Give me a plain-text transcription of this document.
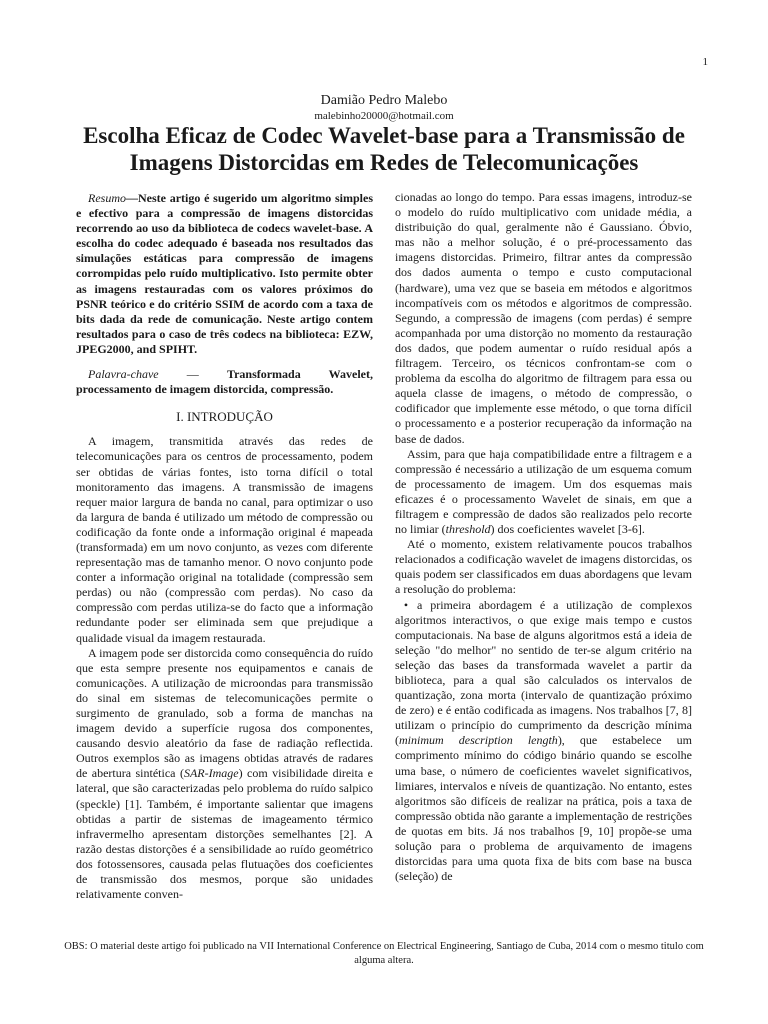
1
Damião Pedro Malebo
malebinho20000@hotmail.com
Escolha Eficaz de Codec Wavelet-base para a Transmissão de
Imagens Distorcidas em Redes de Telecomunicações

Resumo—Neste artigo é sugerido um algoritmo simples e efectivo para a compressão de imagens distorcidas recorrendo ao uso da biblioteca de codecs wavelet-base. A escolha do codec adequado é baseada nos resultados das simulações estáticas para compressão de imagens corrompidas pelo ruído multiplicativo. Isto permite obter as imagens restauradas com os valores próximos do PSNR teórico e do critério SSIM de acordo com a taxa de bits dada da rede de comunicação. Neste artigo contem resultados para o caso de três codecs na biblioteca: EZW, JPEG2000, and SPIHT.

Palavra-chave — Transformada Wavelet, processamento de imagem distorcida, compressão.

I. INTRODUÇÃO

A imagem, transmitida através das redes de telecomunicações para os centros de processamento, podem ser obtidas de várias fontes, isto torna difícil o total monitoramento das imagens. A transmissão de imagens requer maior largura de banda no canal, para optimizar o uso da largura de banda é utilizado um método de compressão ou codificação da fonte onde a informação original é mapeada (transformada) em um novo conjunto, as vezes com diferente representação mas de tamanho menor. O novo conjunto pode conter a informação original na totalidade (compressão sem perdas) ou não (compressão com perdas). No caso da compressão com perdas utiliza-se do facto que a informação redundante poder ser eliminada sem que prejudique a qualidade visual da imagem restaurada.

A imagem pode ser distorcida como consequência do ruído que esta sempre presente nos equipamentos e canais de comunicações. A utilização de microondas para transmissão do sinal em sistemas de telecomunicações permite o surgimento de granulado, sob a forma de manchas na imagem devido a superfície rugosa dos componentes, causando desvio aleatório da fase de radiação reflectida. Outros exemplos são as imagens obtidas através de radares de abertura sintética (SAR-Image) com visibilidade direita e lateral, que são caracterizadas pelo problema do ruído salpico (speckle) [1]. Também, é importante salientar que imagens obtidas a partir de sistemas de imageamento térmico infravermelho apresentam distorções semelhantes [2]. A razão destas distorções é a sensibilidade ao ruído geométrico dos fotossensores, causada pelas flutuações dos coeficientes de transmissão dos mesmos, porque são unidades relativamente conven-

cionadas ao longo do tempo. Para essas imagens, introduz-se o modelo do ruído multiplicativo com unidade média, a distribuição do qual, geralmente não é Gaussiano. Óbvio, mas não a melhor solução, é o pré-processamento das imagens distorcidas. Primeiro, filtrar antes da compressão dos dados aumenta o tempo e custo computacional (hardware), uma vez que se baseia em métodos e algoritmos incompatíveis com os métodos e algoritmos de compressão. Segundo, a compressão de imagens (com perdas) é sempre acompanhada por uma distorção no momento da restauração dos dados, que podem aumentar o ruído residual após a filtragem. Terceiro, os técnicos confrontam-se com o problema da escolha do algoritmo de filtragem para essa ou aquela classe de imagens, o método de compressão, o codificador que implemente esse método, o que torna difícil o processamento e a posterior recuperação da informação na base de dados.

Assim, para que haja compatibilidade entre a filtragem e a compressão é necessário a utilização de um esquema comum de processamento de imagem. Um dos esquemas mais eficazes é o processamento Wavelet de sinais, em que a filtragem e compressão de dados são realizados pelo recorte no limiar (threshold) dos coeficientes wavelet [3-6].

Até o momento, existem relativamente poucos trabalhos relacionados a codificação wavelet de imagens distorcidas, os quais podem ser classificados em duas abordagens que levam a resolução do problema:

• a primeira abordagem é a utilização de complexos algoritmos interactivos, o que exige mais tempo e custos computacionais. Na base de alguns algoritmos está a ideia de seleção "do melhor" no sentido de ter-se algum critério na seleção das bases da transformada wavelet a partir da biblioteca, para a qual são calculados os intervalos de quantização, zona morta (intervalo de quantização próximo de zero) e é então codificada as imagens. Nos trabalhos [7, 8] utilizam o princípio do cumprimento da descrição mínima (minimum description length), que estabelece um comprimento mínimo do código binário quando se escolhe uma base, o número de coeficientes wavelet significativos, limiares, intervalos e níveis de quantização. No entanto, estes algoritmos são difíceis de realizar na prática, pois a taxa de compressão obtida não garante a implementação de restrições de quotas em bits. Já nos trabalhos [9, 10] propõe-se uma solução para o problema de arquivamento de imagens distorcidas para uma quota fixa de bits com base na busca (seleção) de

OBS: O material deste artigo foi publicado na VII International Conference on Electrical Engineering, Santiago de Cuba, 2014 com o mesmo titulo com alguma altera.
